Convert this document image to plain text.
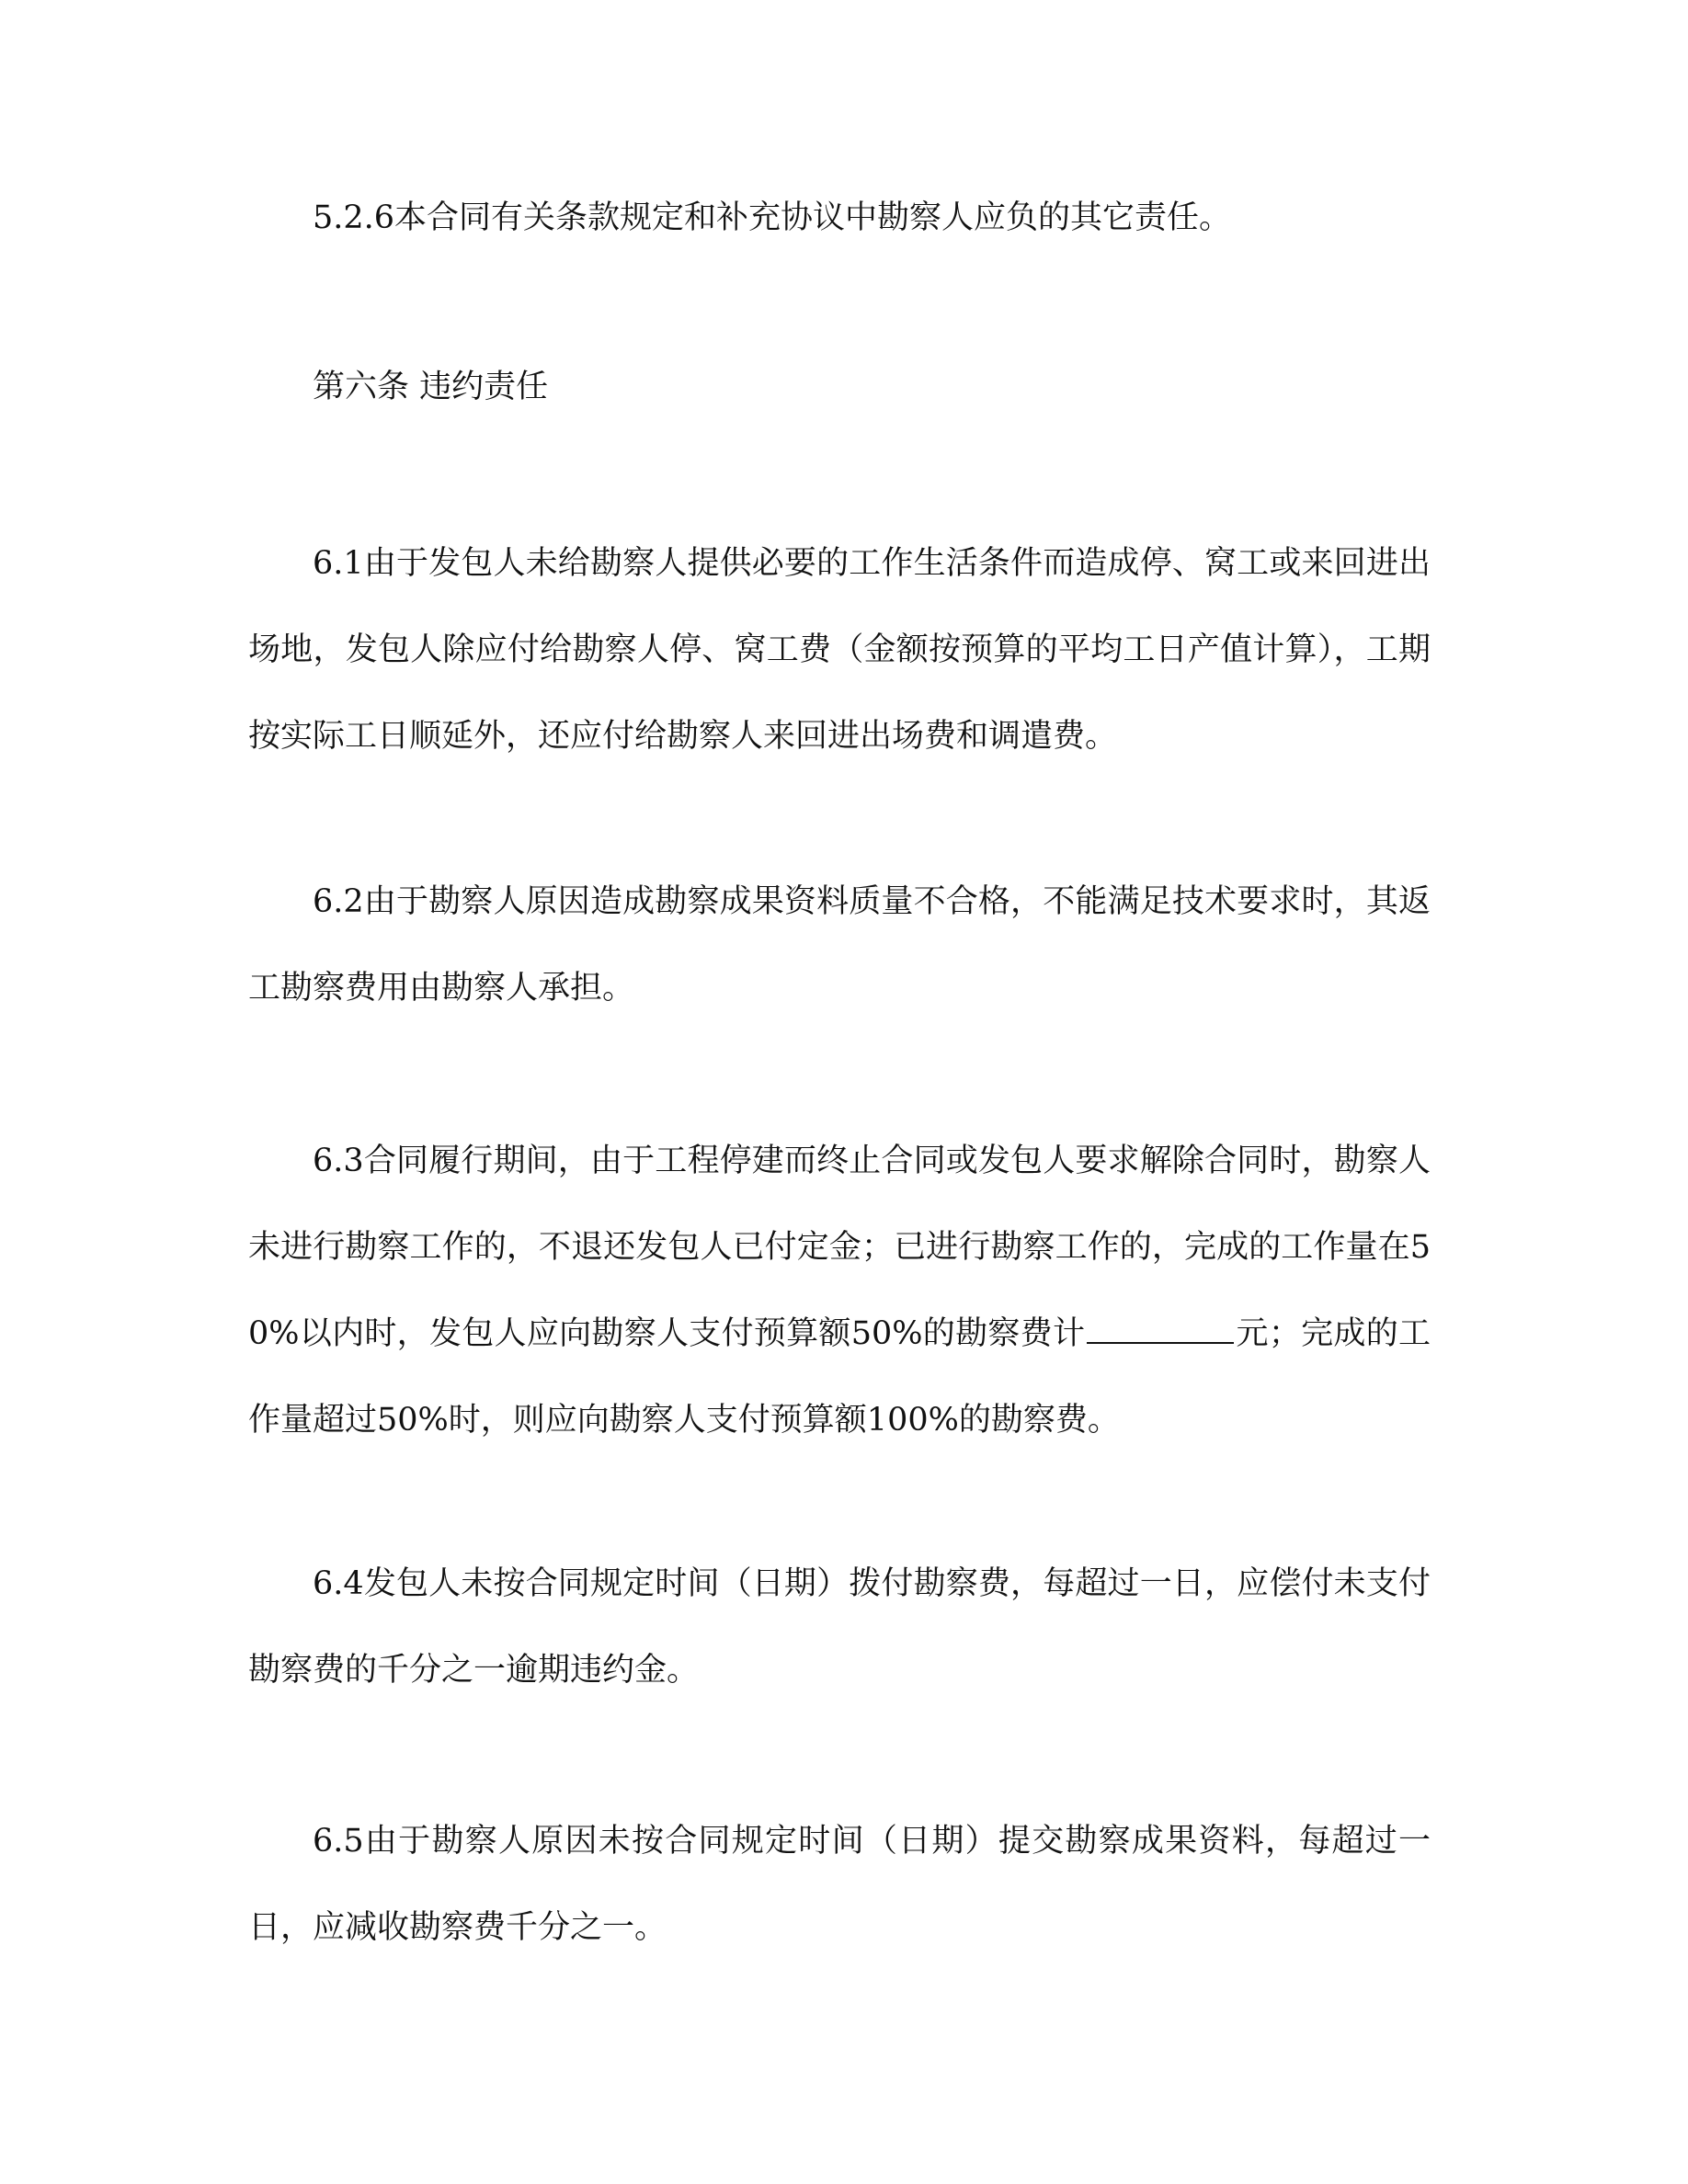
5.2.6本合同有关条款规定和补充协议中勘察人应负的其它责任。

第六条 违约责任

6.1由于发包人未给勘察人提供必要的工作生活条件而造成停、窝工或来回进出场地，发包人除应付给勘察人停、窝工费（金额按预算的平均工日产值计算），工期按实际工日顺延外，还应付给勘察人来回进出场费和调遣费。

6.2由于勘察人原因造成勘察成果资料质量不合格，不能满足技术要求时，其返工勘察费用由勘察人承担。

6.3合同履行期间，由于工程停建而终止合同或发包人要求解除合同时，勘察人未进行勘察工作的，不退还发包人已付定金；已进行勘察工作的，完成的工作量在50%以内时，发包人应向勘察人支付预算额50%的勘察费计	元；完成的工作量超过50%时，则应向勘察人支付预算额100%的勘察费。

6.4发包人未按合同规定时间（日期）拨付勘察费，每超过一日，应偿付未支付勘察费的千分之一逾期违约金。

6.5由于勘察人原因未按合同规定时间（日期）提交勘察成果资料，每超过一日，应减收勘察费千分之一。
